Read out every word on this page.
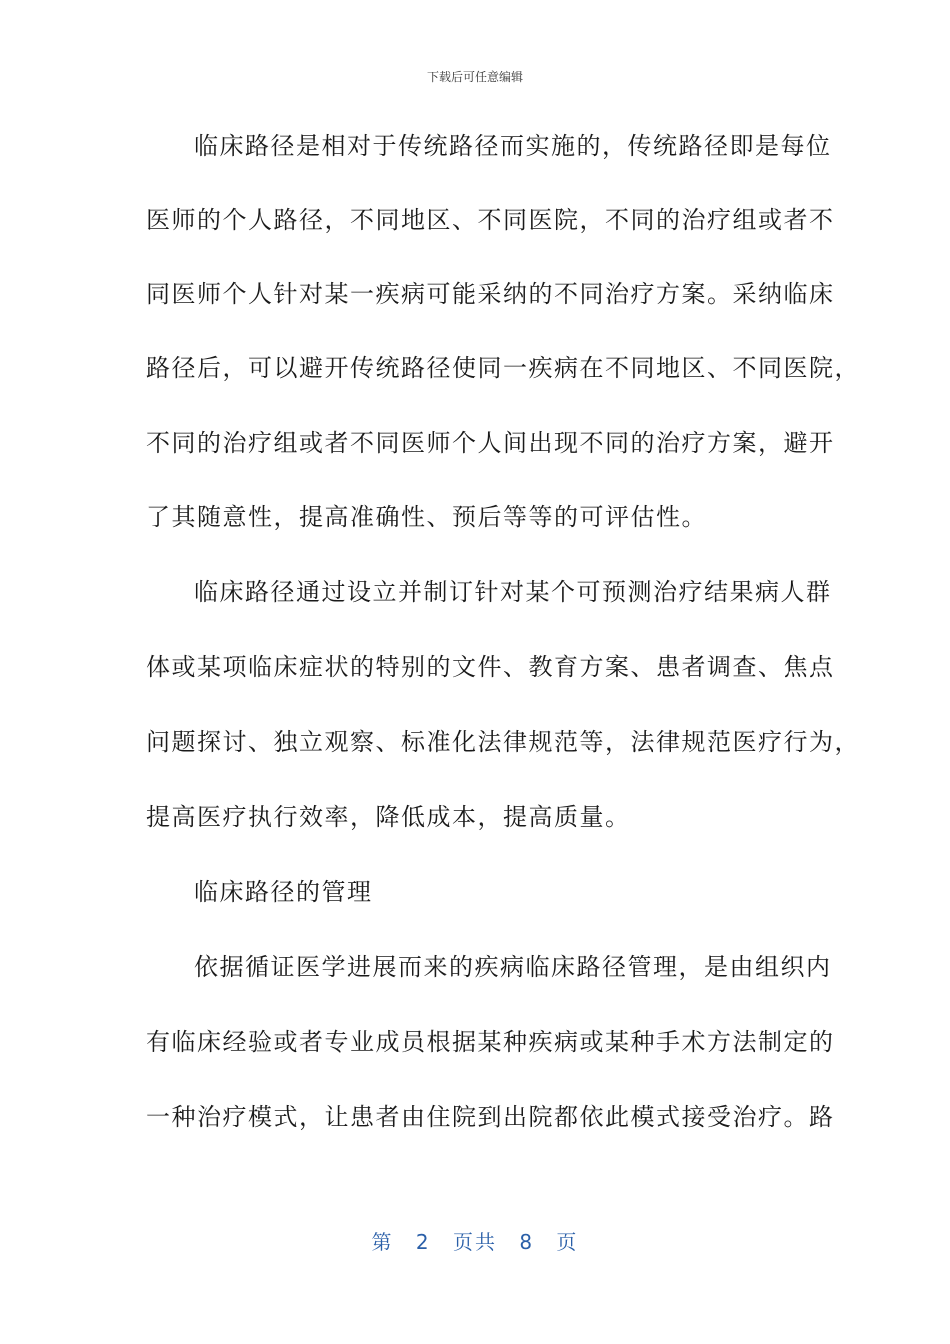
下载后可任意编辑
临床路径是相对于传统路径而实施的，传统路径即是每位
医师的个人路径，不同地区、不同医院，不同的治疗组或者不
同医师个人针对某一疾病可能采纳的不同治疗方案。采纳临床
路径后，可以避开传统路径使同一疾病在不同地区、不同医院，
不同的治疗组或者不同医师个人间出现不同的治疗方案，避开
了其随意性，提高准确性、预后等等的可评估性。
临床路径通过设立并制订针对某个可预测治疗结果病人群
体或某项临床症状的特别的文件、教育方案、患者调查、焦点
问题探讨、独立观察、标准化法律规范等，法律规范医疗行为，
提高医疗执行效率，降低成本，提高质量。
临床路径的管理
依据循证医学进展而来的疾病临床路径管理，是由组织内
有临床经验或者专业成员根据某种疾病或某种手术方法制定的
一种治疗模式，让患者由住院到出院都依此模式接受治疗。路
第 2 页共 8 页
